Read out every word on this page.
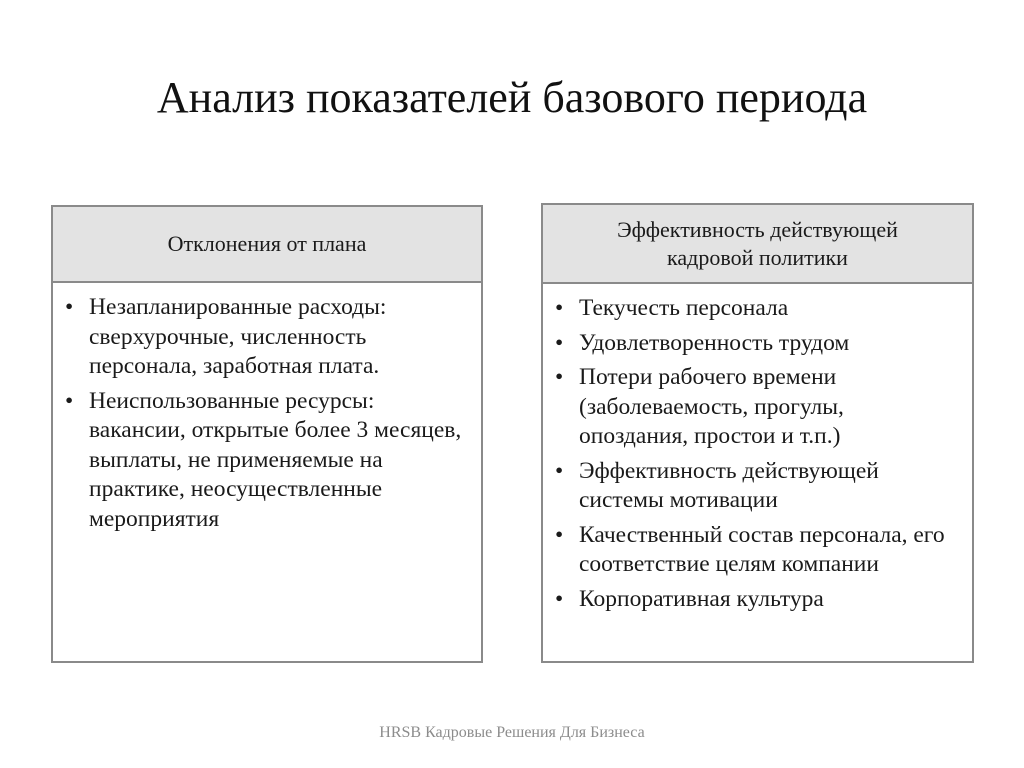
Анализ показателей базового периода
Отклонения от плана
• Незапланированные расходы: сверхурочные, численность персонала, заработная плата.
• Неиспользованные ресурсы: вакансии, открытые более 3 месяцев, выплаты, не применяемые на практике, неосуществленные мероприятия
Эффективность действующей
кадровой политики
• Текучесть персонала
• Удовлетворенность трудом
• Потери рабочего времени (заболеваемость, прогулы, опоздания, простои и т.п.)
• Эффективность действующей системы мотивации
• Качественный состав персонала, его соответствие целям компании
• Корпоративная культура
HRSB Кадровые Решения Для Бизнеса
